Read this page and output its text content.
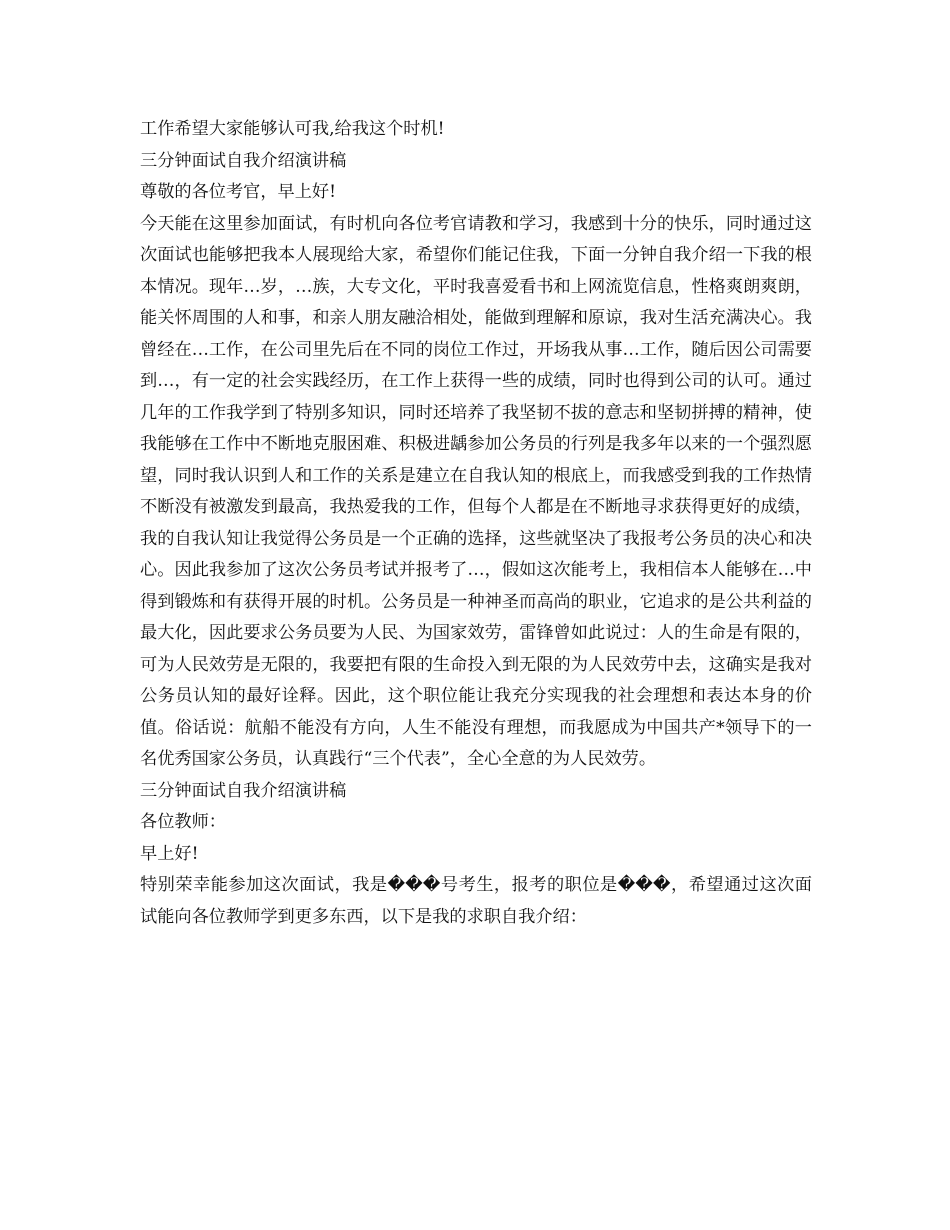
工作希望大家能够认可我,给我这个时机!

三分钟面试自我介绍演讲稿

尊敬的各位考官，早上好!

今天能在这里参加面试，有时机向各位考官请教和学习，我感到十分的快乐，同时通过这次面试也能够把我本人展现给大家，希望你们能记住我，下面一分钟自我介绍一下我的根本情况。现年…岁，…族，大专文化，平时我喜爱看书和上网流览信息，性格爽朗爽朗，能关怀周围的人和事，和亲人朋友融洽相处，能做到理解和原谅，我对生活充满决心。我曾经在…工作，在公司里先后在不同的岗位工作过，开场我从事…工作，随后因公司需要到…，有一定的社会实践经历，在工作上获得一些的成绩，同时也得到公司的认可。通过几年的工作我学到了特别多知识，同时还培养了我坚韧不拔的意志和坚韧拼搏的精神，使我能够在工作中不断地克服困难、积极进龋参加公务员的行列是我多年以来的一个强烈愿望，同时我认识到人和工作的关系是建立在自我认知的根底上，而我感受到我的工作热情不断没有被激发到最高，我热爱我的工作，但每个人都是在不断地寻求获得更好的成绩，我的自我认知让我觉得公务员是一个正确的选择，这些就坚决了我报考公务员的决心和决心。因此我参加了这次公务员考试并报考了…，假如这次能考上，我相信本人能够在…中得到锻炼和有获得开展的时机。公务员是一种神圣而高尚的职业，它追求的是公共利益的最大化，因此要求公务员要为人民、为国家效劳，雷锋曾如此说过：人的生命是有限的，可为人民效劳是无限的，我要把有限的生命投入到无限的为人民效劳中去，这确实是我对公务员认知的最好诠释。因此，这个职位能让我充分实现我的社会理想和表达本身的价值。俗话说：航船不能没有方向，人生不能没有理想，而我愿成为中国共产*领导下的一名优秀国家公务员，认真践行“三个代表”，全心全意的为人民效劳。

三分钟面试自我介绍演讲稿

各位教师：

早上好!

特别荣幸能参加这次面试，我是���号考生，报考的职位是���，希望通过这次面试能向各位教师学到更多东西，以下是我的求职自我介绍：
